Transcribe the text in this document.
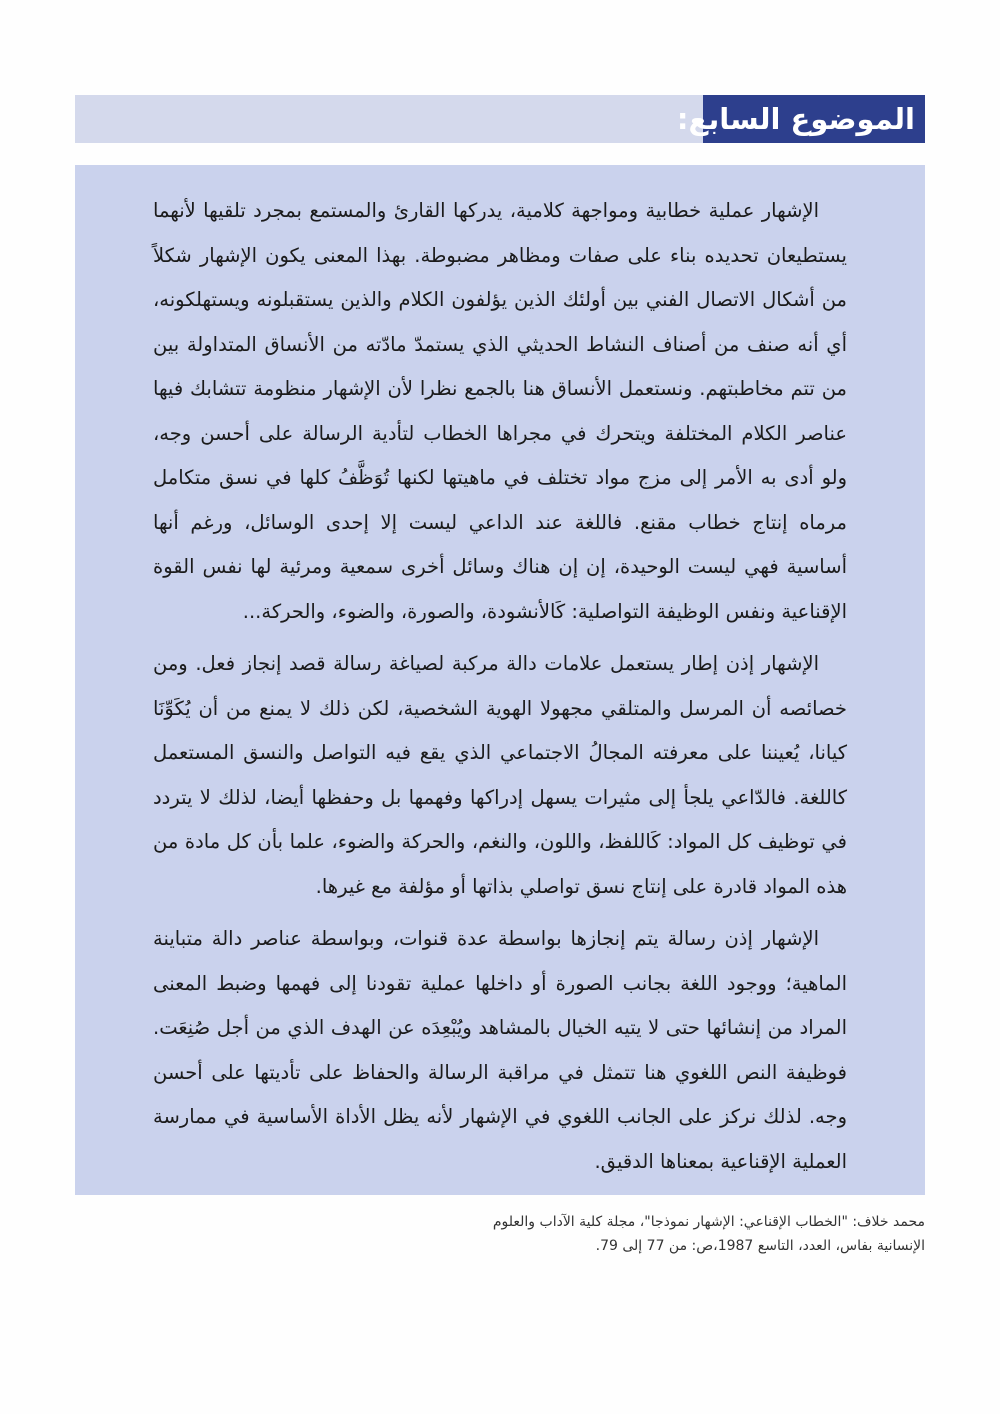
الموضوع السابع:

الإشهار عملية خطابية ومواجهة كلامية، يدركها القارئ والمستمع بمجرد تلقيها لأنهما يستطيعان تحديده بناء على صفات ومظاهر مضبوطة. بهذا المعنى يكون الإشهار شكلاً من أشكال الاتصال الفني بين أولئك الذين يؤلفون الكلام والذين يستقبلونه ويستهلكونه، أي أنه صنف من أصناف النشاط الحديثي الذي يستمدّ مادّته من الأنساق المتداولة بين من تتم مخاطبتهم. ونستعمل الأنساق هنا بالجمع نظرا لأن الإشهار منظومة تتشابك فيها عناصر الكلام المختلفة ويتحرك في مجراها الخطاب لتأدية الرسالة على أحسن وجه، ولو أدى به الأمر إلى مزج مواد تختلف في ماهيتها لكنها تُوَظَّفُ كلها في نسق متكامل مرماه إنتاج خطاب مقنع. فاللغة عند الداعي ليست إلا إحدى الوسائل، ورغم أنها أساسية فهي ليست الوحيدة، إن إن هناك وسائل أخرى سمعية ومرئية لها نفس القوة الإقناعية ونفس الوظيفة التواصلية: كَالأنشودة، والصورة، والضوء، والحركة...

الإشهار إذن إطار يستعمل علامات دالة مركبة لصياغة رسالة قصد إنجاز فعل. ومن خصائصه أن المرسل والمتلقي مجهولا الهوية الشخصية، لكن ذلك لا يمنع من أن يُكَوِّنَا كيانا، يُعيننا على معرفته المجالُ الاجتماعي الذي يقع فيه التواصل والنسق المستعمل كاللغة. فالدّاعي يلجأ إلى مثيرات يسهل إدراكها وفهمها بل وحفظها أيضا، لذلك لا يتردد في توظيف كل المواد: كَاللفظ، واللون، والنغم، والحركة والضوء، علما بأن كل مادة من هذه المواد قادرة على إنتاج نسق تواصلي بذاتها أو مؤلفة مع غيرها.

الإشهار إذن رسالة يتم إنجازها بواسطة عدة قنوات، وبواسطة عناصر دالة متباينة الماهية؛ ووجود اللغة بجانب الصورة أو داخلها عملية تقودنا إلى فهمها وضبط المعنى المراد من إنشائها حتى لا يتيه الخيال بالمشاهد ويُبْعِدَه عن الهدف الذي من أجل صُنِعَت. فوظيفة النص اللغوي هنا تتمثل في مراقبة الرسالة والحفاظ على تأديتها على أحسن وجه. لذلك نركز على الجانب اللغوي في الإشهار لأنه يظل الأداة الأساسية في ممارسة العملية الإقناعية بمعناها الدقيق.

محمد خلاف: "الخطاب الإقناعي: الإشهار نموذجا"، مجلة كلية الآداب والعلوم
الإنسانية بفاس، العدد، التاسع 1987،ص: من 77 إلى 79.
